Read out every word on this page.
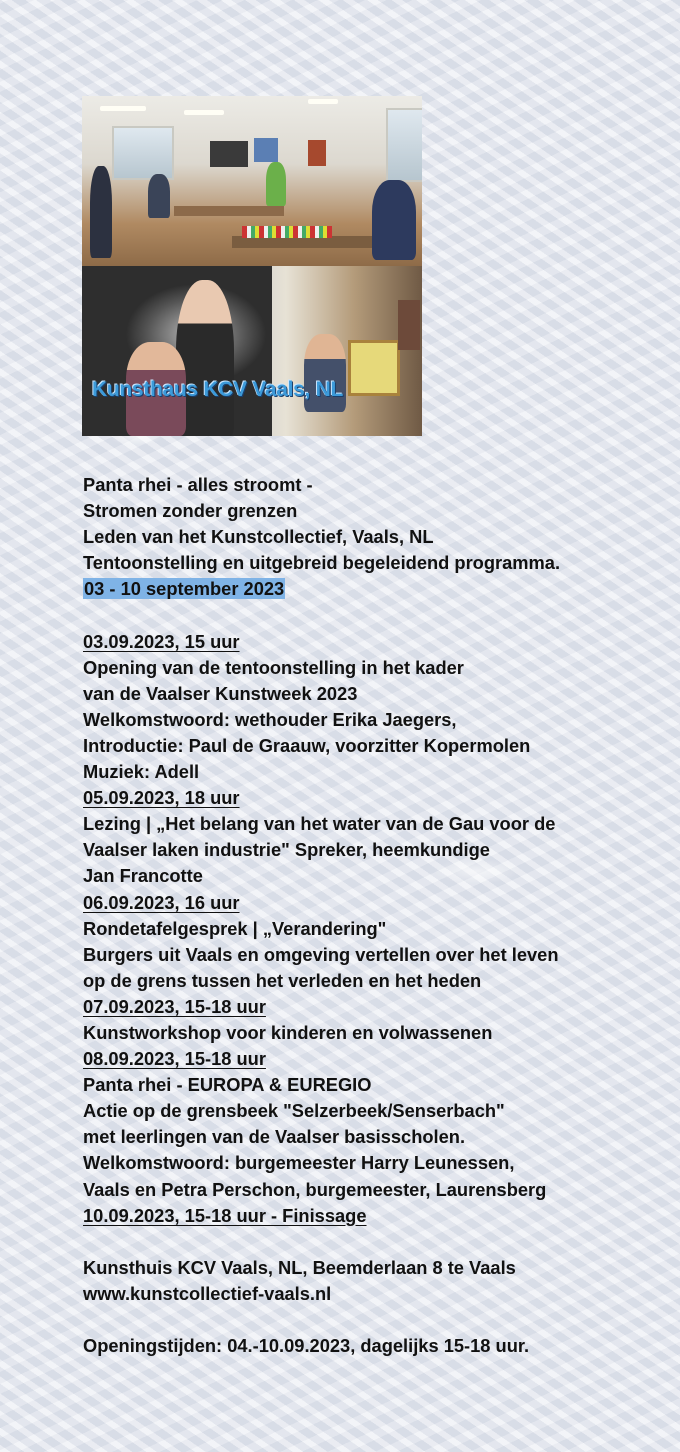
Kunsthaus KCV Vaals, NL
Panta rhei - alles stroomt -
Stromen zonder grenzen
Leden van het Kunstcollectief, Vaals, NL
Tentoonstelling en uitgebreid begeleidend programma.
03 - 10 september 2023
03.09.2023, 15 uur
Opening van de tentoonstelling in het kader
van de Vaalser Kunstweek 2023
Welkomstwoord: wethouder Erika Jaegers,
Introductie: Paul de Graauw, voorzitter Kopermolen
Muziek: Adell
05.09.2023, 18 uur
Lezing | „Het belang van het water van de Gau voor de
Vaalser laken industrie" Spreker, heemkundige
Jan Francotte
06.09.2023, 16 uur
Rondetafelgesprek | „Verandering"
Burgers uit Vaals en omgeving vertellen over het leven
op de grens tussen het verleden en het heden
07.09.2023, 15-18 uur
Kunstworkshop voor kinderen en volwassenen
08.09.2023, 15-18 uur
Panta rhei - EUROPA & EUREGIO
Actie op de grensbeek "Selzerbeek/Senserbach"
met leerlingen van de Vaalser basisscholen.
Welkomstwoord: burgemeester Harry Leunessen,
Vaals en Petra Perschon, burgemeester, Laurensberg
10.09.2023, 15-18 uur - Finissage
Kunsthuis KCV Vaals, NL, Beemderlaan 8 te Vaals
www.kunstcollectief-vaals.nl
Openingstijden: 04.-10.09.2023, dagelijks 15-18 uur.
